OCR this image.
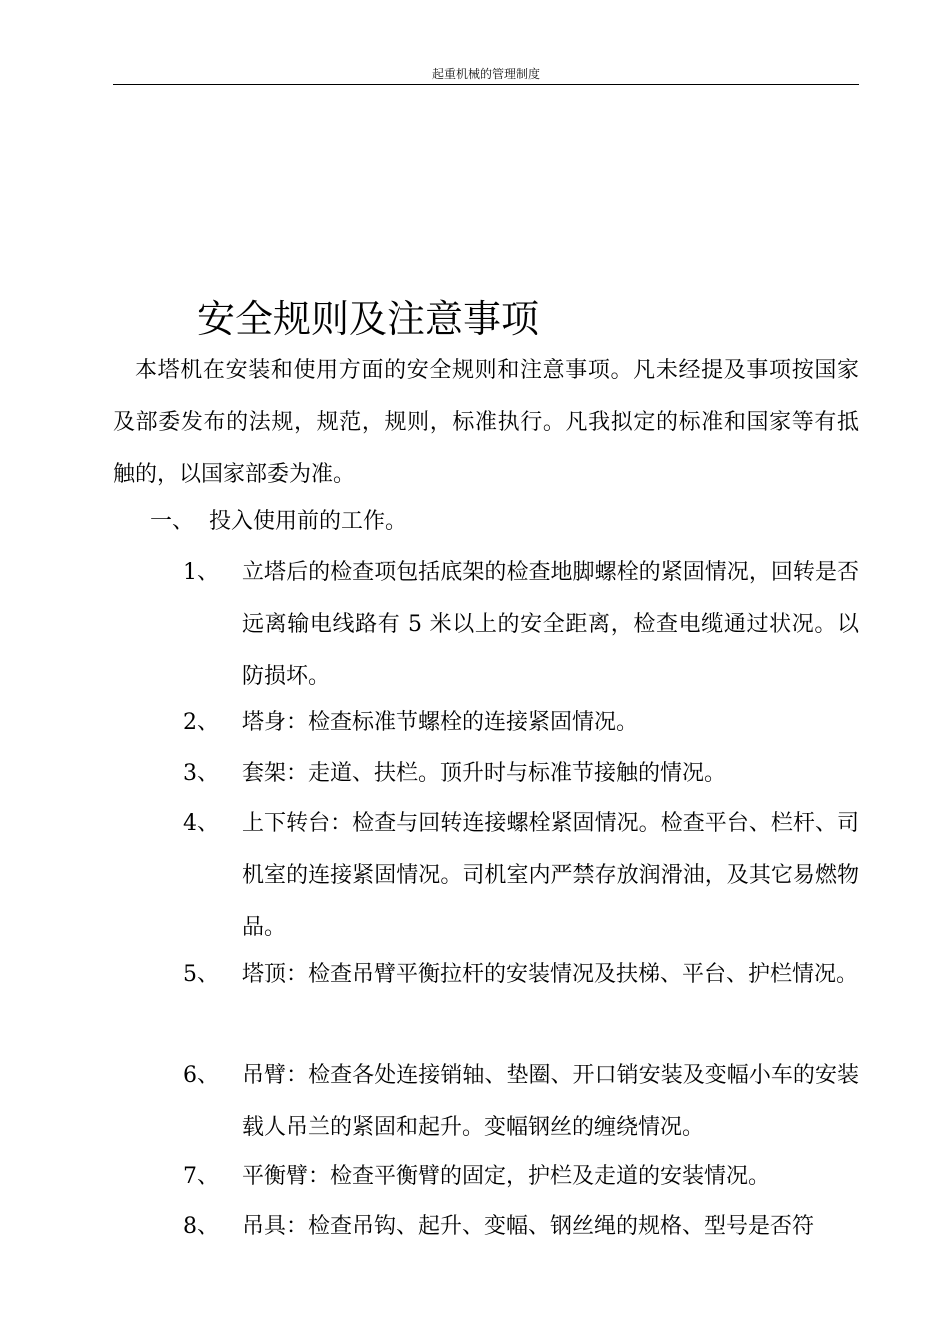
起重机械的管理制度
安全规则及注意事项
本塔机在安装和使用方面的安全规则和注意事项。凡未经提及事项按国家及部委发布的法规，规范，规则，标准执行。凡我拟定的标准和国家等有抵触的，以国家部委为准。
一、 投入使用前的工作。
1、	立塔后的检查项包括底架的检查地脚螺栓的紧固情况，回转是否远离输电线路有 5 米以上的安全距离，检查电缆通过状况。以防损坏。
2、	塔身：检查标准节螺栓的连接紧固情况。
3、	套架：走道、扶栏。顶升时与标准节接触的情况。
4、	上下转台：检查与回转连接螺栓紧固情况。检查平台、栏杆、司机室的连接紧固情况。司机室内严禁存放润滑油，及其它易燃物品。
5、	塔顶：检查吊臂平衡拉杆的安装情况及扶梯、平台、护栏情况。
6、	吊臂：检查各处连接销轴、垫圈、开口销安装及变幅小车的安装载人吊兰的紧固和起升。变幅钢丝的缠绕情况。
7、	平衡臂：检查平衡臂的固定，护栏及走道的安装情况。
8、	吊具：检查吊钩、起升、变幅、钢丝绳的规格、型号是否符
